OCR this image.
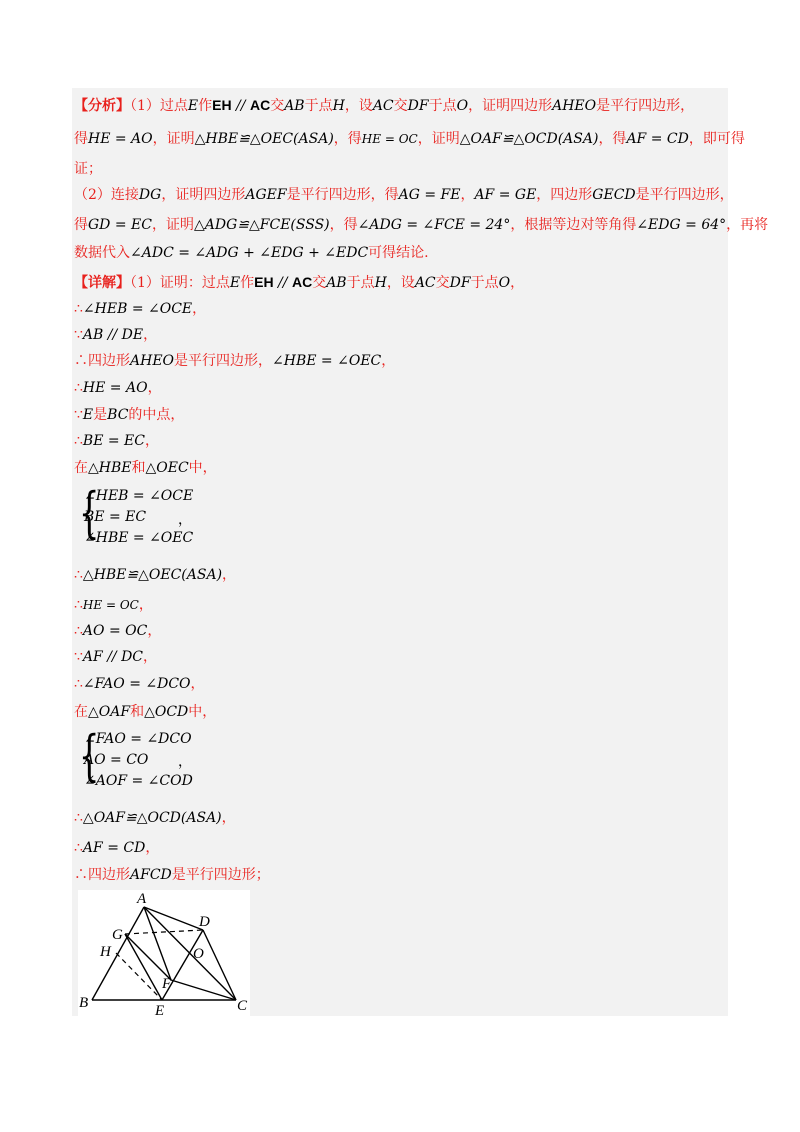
【分析】（1）过点E作EH // AC交AB于点H，设AC交DF于点O，证明四边形AHEO是平行四边形，
得HE = AO，证明△HBE≌△OEC(ASA)，得HE = OC，证明△OAF≌△OCD(ASA)，得AF = CD，即可得
证；
（2）连接DG，证明四边形AGEF是平行四边形，得AG = FE，AF = GE，四边形GECD是平行四边形，
得GD = EC，证明△ADG≌△FCE(SSS)，得∠ADG = ∠FCE = 24°，根据等边对等角得∠EDG = 64°，再将
数据代入∠ADC = ∠ADG + ∠EDG + ∠EDC可得结论.
【详解】（1）证明：过点E作EH // AC交AB于点H，设AC交DF于点O，
∴∠HEB = ∠OCE，
∵AB // DE，
∴四边形AHEO是平行四边形，∠HBE = ∠OEC，
∴HE = AO，
∵E是BC的中点，
∴BE = EC，
在△HBE和△OEC中，
{
∠HEB = ∠OCE
BE = EC
∠HBE = ∠OEC
，
∴△HBE≌△OEC(ASA)，
∴HE = OC，
∴AO = OC，
∵AF // DC，
∴∠FAO = ∠DCO，
在△OAF和△OCD中，
{
∠FAO = ∠DCO
AO = CO
∠AOF = ∠COD
，
∴△OAF≌△OCD(ASA)，
∴AF = CD，
∴四边形AFCD是平行四边形；
A
G
D
H	O
F
B	E	C
